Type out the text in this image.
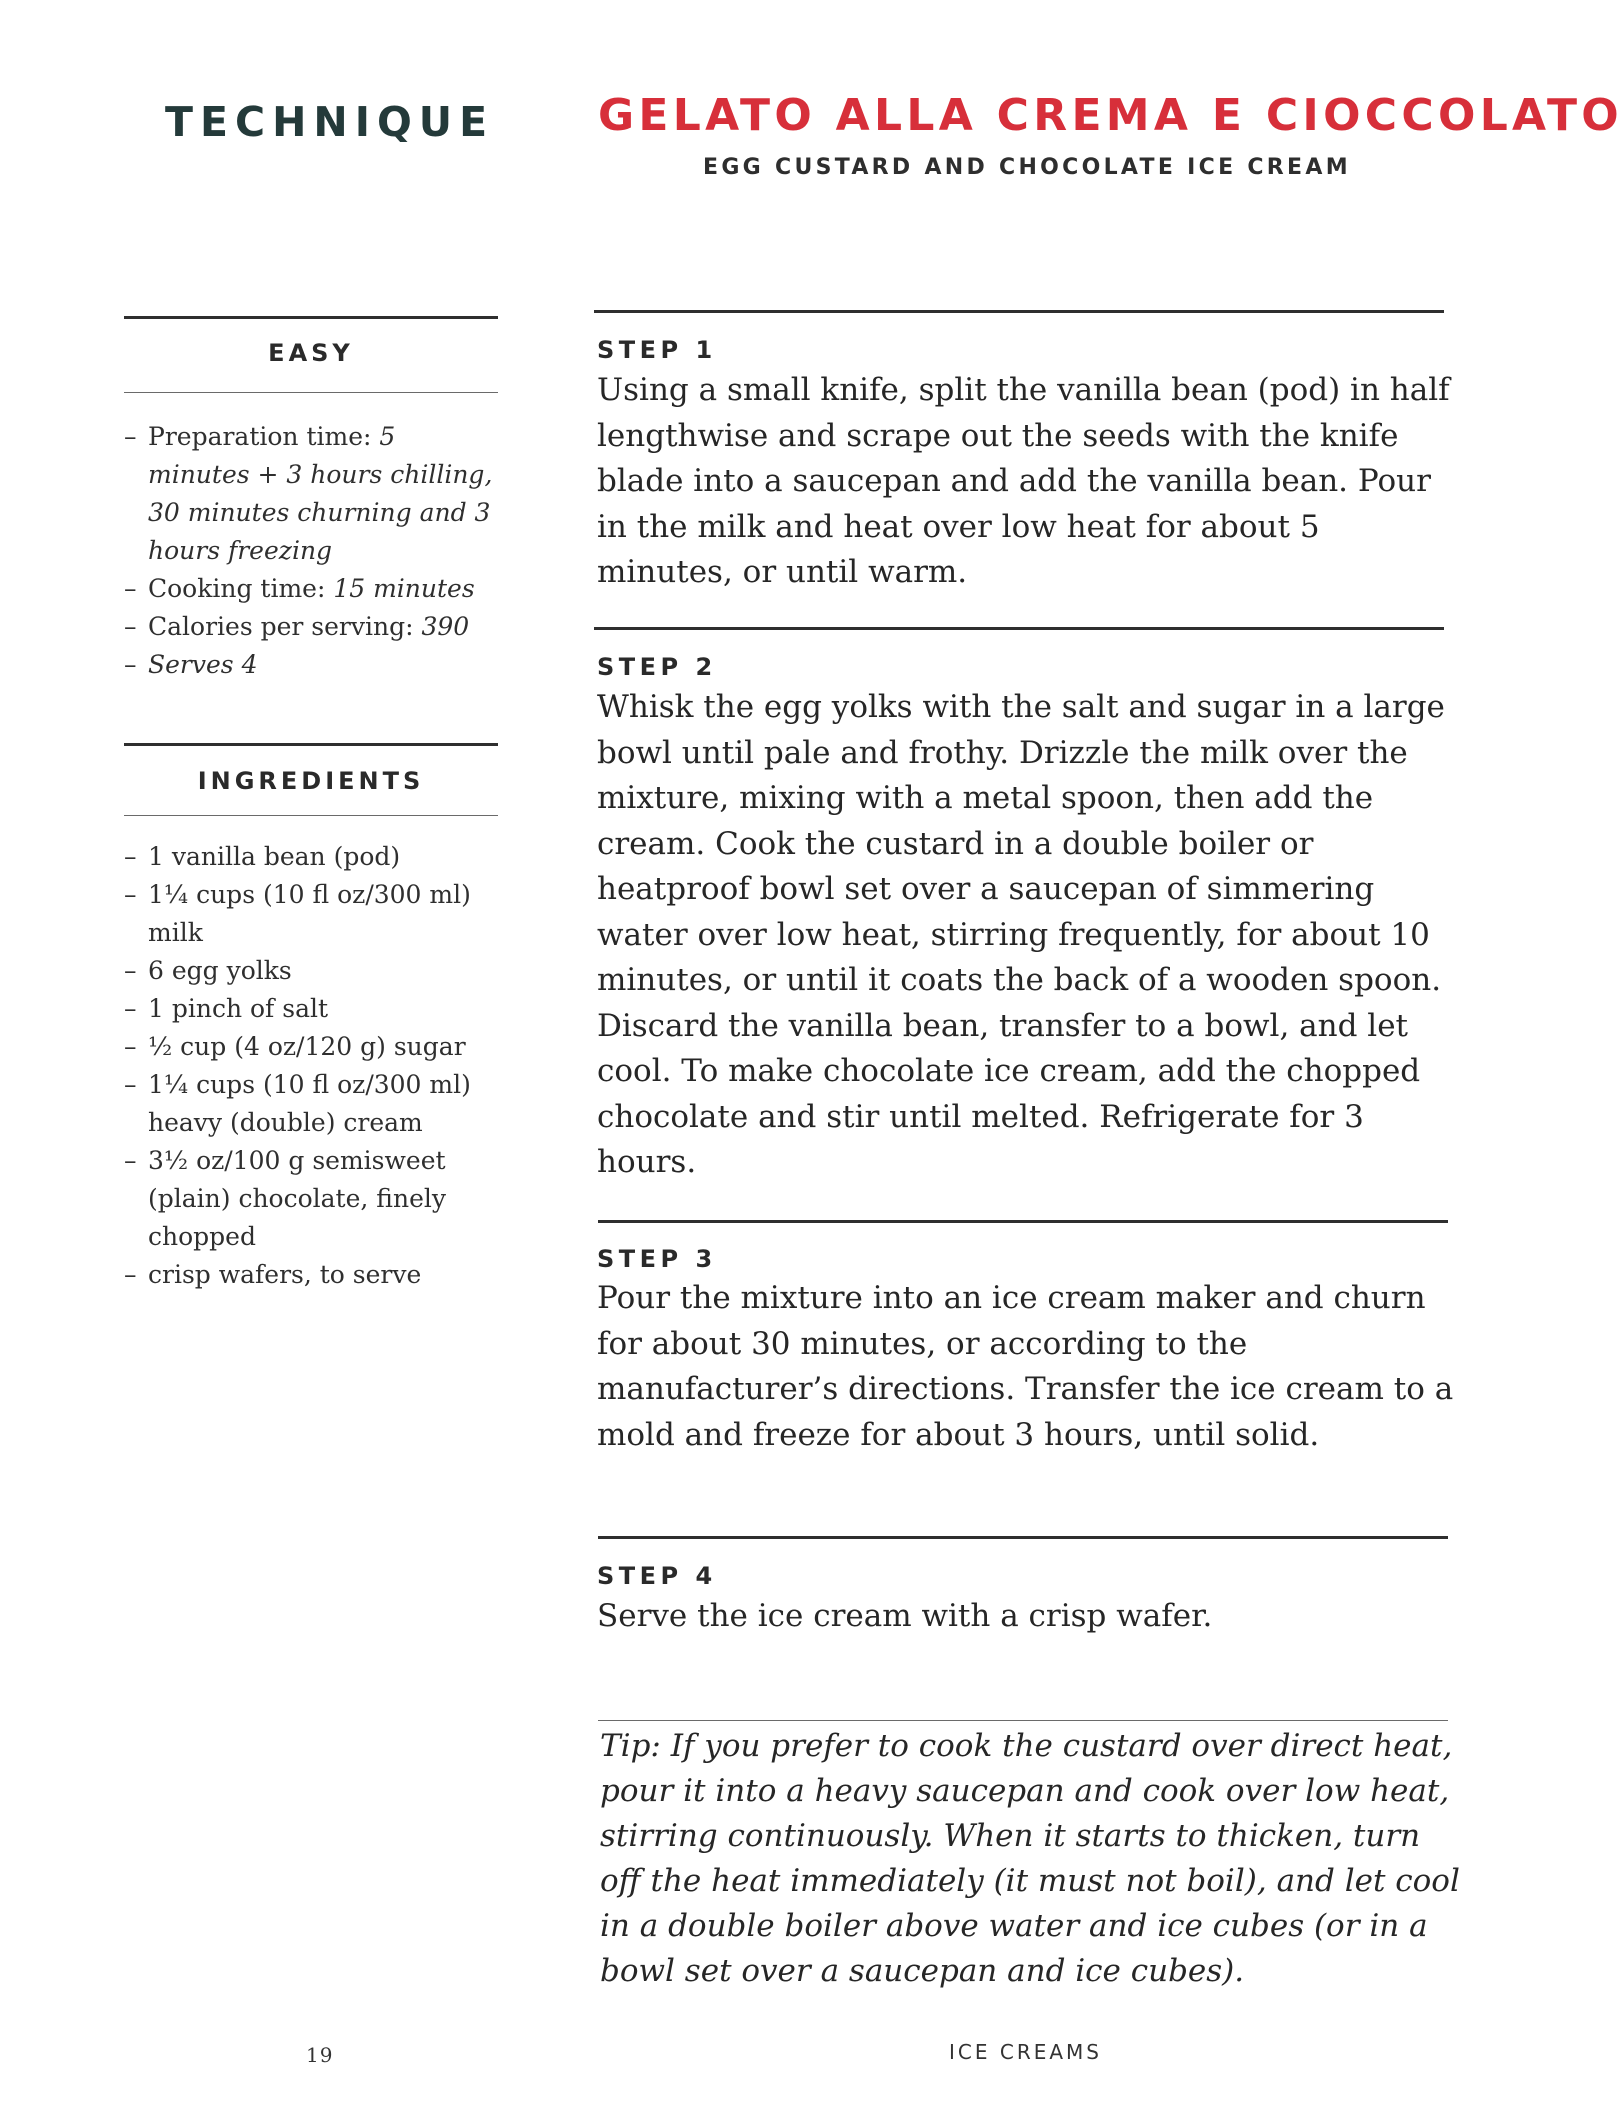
TECHNIQUE GELATO ALLA CREMA E CIOCCOLATO
EGG CUSTARD AND CHOCOLATE ICE CREAM
EASY
– Preparation time: 5 minutes + 3 hours chilling, 30 minutes churning and 3 hours freezing
– Cooking time: 15 minutes
– Calories per serving: 390
– Serves 4
INGREDIENTS
– 1 vanilla bean (pod)
– 1¼ cups (10 fl oz/300 ml) milk
– 6 egg yolks
– 1 pinch of salt
– ½ cup (4 oz/120 g) sugar
– 1¼ cups (10 fl oz/300 ml) heavy (double) cream
– 3½ oz/100 g semisweet (plain) chocolate, finely chopped
– crisp wafers, to serve
STEP 1

Using a small knife, split the vanilla bean (pod) in half lengthwise and scrape out the seeds with the knife blade into a saucepan and add the vanilla bean. Pour in the milk and heat over low heat for about 5 minutes, or until warm.

STEP 2

Whisk the egg yolks with the salt and sugar in a large bowl until pale and frothy. Drizzle the milk over the mixture, mixing with a metal spoon, then add the cream. Cook the custard in a double boiler or heatproof bowl set over a saucepan of simmering water over low heat, stirring frequently, for about 10 minutes, or until it coats the back of a wooden spoon. Discard the vanilla bean, transfer to a bowl, and let cool. To make chocolate ice cream, add the chopped chocolate and stir until melted. Refrigerate for 3 hours.

STEP 3

Pour the mixture into an ice cream maker and churn for about 30 minutes, or according to the manufacturer’s directions. Transfer the ice cream to a mold and freeze for about 3 hours, until solid.

STEP 4

Serve the ice cream with a crisp wafer.

Tip: If you prefer to cook the custard over direct heat, pour it into a heavy saucepan and cook over low heat, stirring continuously. When it starts to thicken, turn off the heat immediately (it must not boil), and let cool in a double boiler above water and ice cubes (or in a bowl set over a saucepan and ice cubes).

19	ICE CREAMS
